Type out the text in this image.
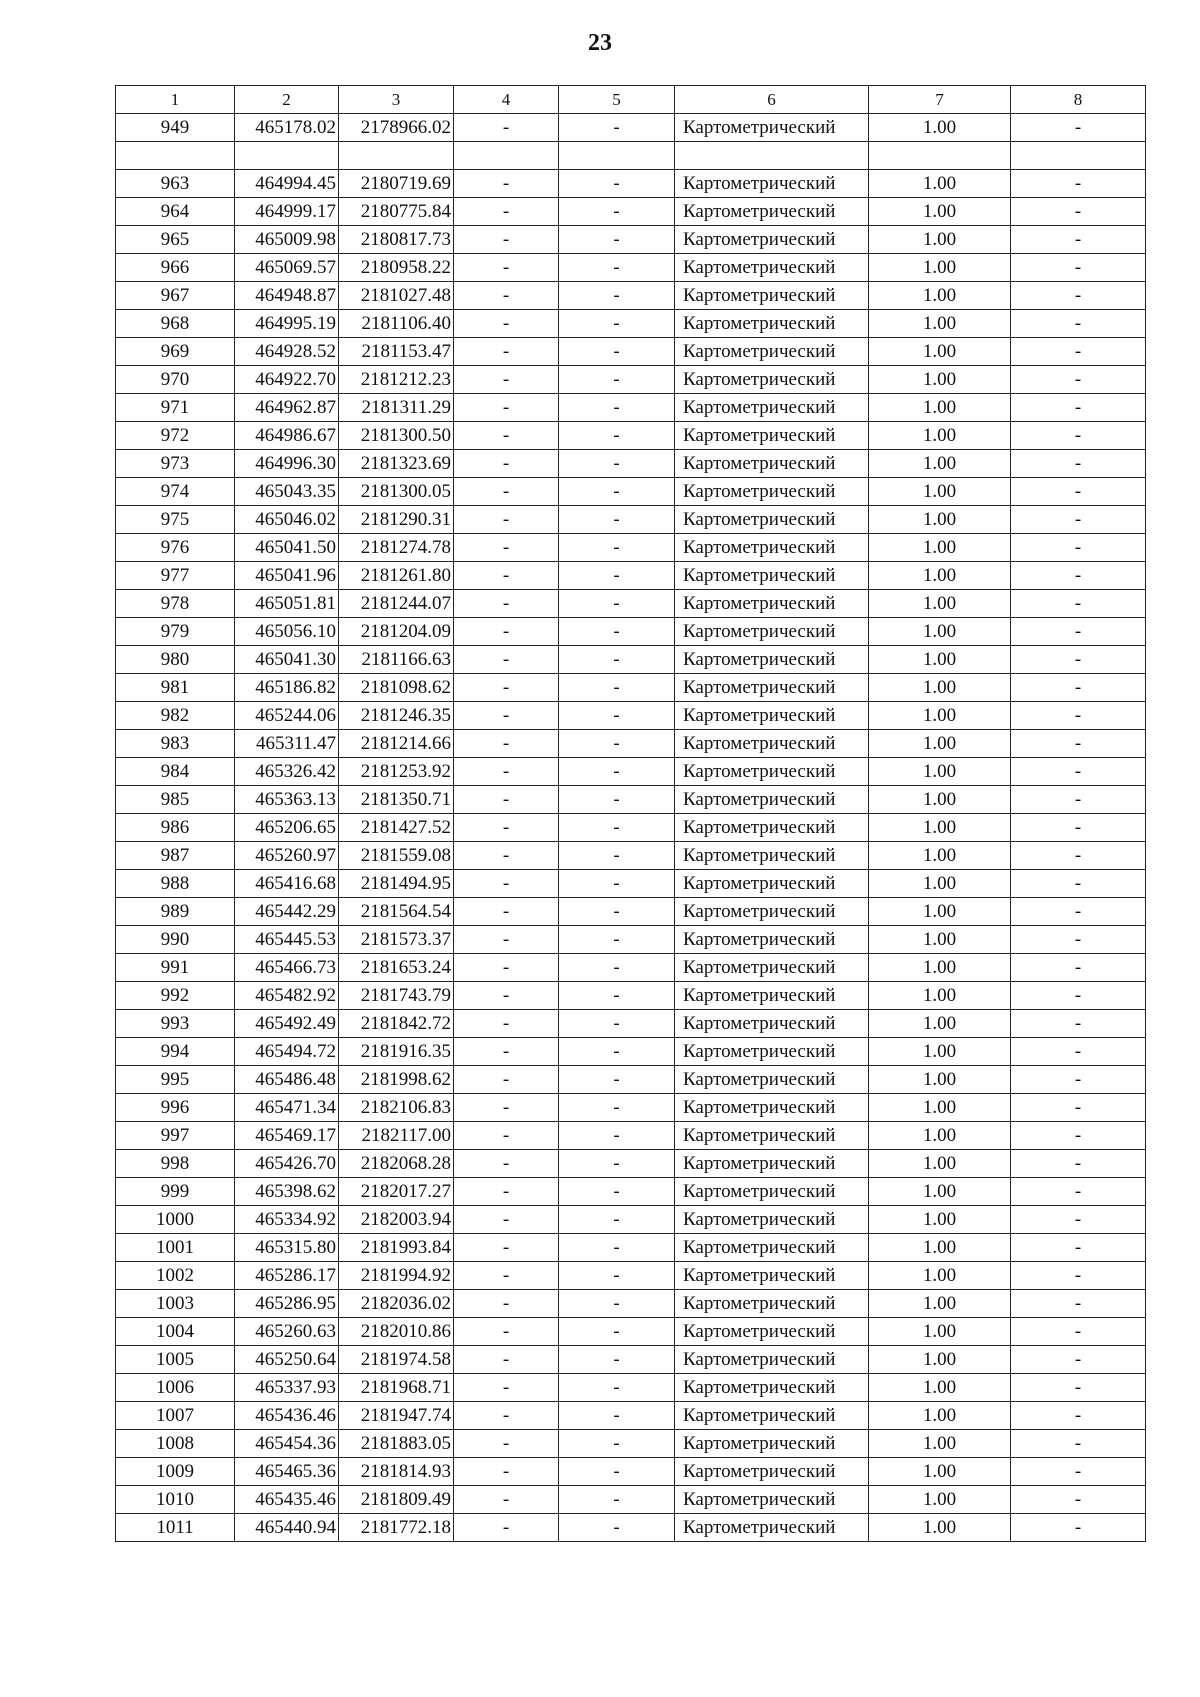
23
1	2	3	4	5	6	7	8
949	465178.02	2178966.02	-	-	Картометрический	1.00	-

963	464994.45	2180719.69	-	-	Картометрический	1.00	-
964	464999.17	2180775.84	-	-	Картометрический	1.00	-
965	465009.98	2180817.73	-	-	Картометрический	1.00	-
966	465069.57	2180958.22	-	-	Картометрический	1.00	-
967	464948.87	2181027.48	-	-	Картометрический	1.00	-
968	464995.19	2181106.40	-	-	Картометрический	1.00	-
969	464928.52	2181153.47	-	-	Картометрический	1.00	-
970	464922.70	2181212.23	-	-	Картометрический	1.00	-
971	464962.87	2181311.29	-	-	Картометрический	1.00	-
972	464986.67	2181300.50	-	-	Картометрический	1.00	-
973	464996.30	2181323.69	-	-	Картометрический	1.00	-
974	465043.35	2181300.05	-	-	Картометрический	1.00	-
975	465046.02	2181290.31	-	-	Картометрический	1.00	-
976	465041.50	2181274.78	-	-	Картометрический	1.00	-
977	465041.96	2181261.80	-	-	Картометрический	1.00	-
978	465051.81	2181244.07	-	-	Картометрический	1.00	-
979	465056.10	2181204.09	-	-	Картометрический	1.00	-
980	465041.30	2181166.63	-	-	Картометрический	1.00	-
981	465186.82	2181098.62	-	-	Картометрический	1.00	-
982	465244.06	2181246.35	-	-	Картометрический	1.00	-
983	465311.47	2181214.66	-	-	Картометрический	1.00	-
984	465326.42	2181253.92	-	-	Картометрический	1.00	-
985	465363.13	2181350.71	-	-	Картометрический	1.00	-
986	465206.65	2181427.52	-	-	Картометрический	1.00	-
987	465260.97	2181559.08	-	-	Картометрический	1.00	-
988	465416.68	2181494.95	-	-	Картометрический	1.00	-
989	465442.29	2181564.54	-	-	Картометрический	1.00	-
990	465445.53	2181573.37	-	-	Картометрический	1.00	-
991	465466.73	2181653.24	-	-	Картометрический	1.00	-
992	465482.92	2181743.79	-	-	Картометрический	1.00	-
993	465492.49	2181842.72	-	-	Картометрический	1.00	-
994	465494.72	2181916.35	-	-	Картометрический	1.00	-
995	465486.48	2181998.62	-	-	Картометрический	1.00	-
996	465471.34	2182106.83	-	-	Картометрический	1.00	-
997	465469.17	2182117.00	-	-	Картометрический	1.00	-
998	465426.70	2182068.28	-	-	Картометрический	1.00	-
999	465398.62	2182017.27	-	-	Картометрический	1.00	-
1000	465334.92	2182003.94	-	-	Картометрический	1.00	-
1001	465315.80	2181993.84	-	-	Картометрический	1.00	-
1002	465286.17	2181994.92	-	-	Картометрический	1.00	-
1003	465286.95	2182036.02	-	-	Картометрический	1.00	-
1004	465260.63	2182010.86	-	-	Картометрический	1.00	-
1005	465250.64	2181974.58	-	-	Картометрический	1.00	-
1006	465337.93	2181968.71	-	-	Картометрический	1.00	-
1007	465436.46	2181947.74	-	-	Картометрический	1.00	-
1008	465454.36	2181883.05	-	-	Картометрический	1.00	-
1009	465465.36	2181814.93	-	-	Картометрический	1.00	-
1010	465435.46	2181809.49	-	-	Картометрический	1.00	-
1011	465440.94	2181772.18	-	-	Картометрический	1.00	-
